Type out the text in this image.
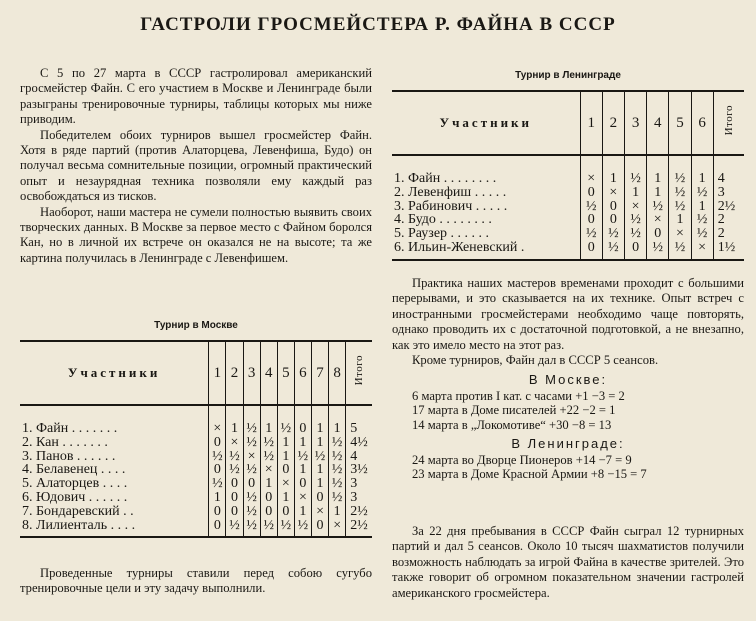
ГАСТРОЛИ ГРОСМЕЙСТЕРА Р. ФАЙНА В СССР

С 5 по 27 марта в СССР гастролировал американский гросмейстер Файн. С его участием в Москве и Ленинграде были разыграны тренировочные турниры, таблицы которых мы ниже приводим.

Победителем обоих турниров вышел гросмейстер Файн. Хотя в ряде партий (против Алаторцева, Левенфиша, Будо) он получал весьма сомнительные позиции, огромный практический опыт и незаурядная техника позволяли ему каждый раз освобождаться из тисков.

Наоборот, наши мастера не сумели полностью выявить своих творческих данных. В Москве за первое место с Файном боролся Кан, но в личной их встрече он оказался не на высоте; та же картина получилась в Ленинграде с Левенфишем.

Турнир в Москве
Участники	1	2	3	4	5	6	7	8	Итого

1. Файн . . . . . . .	×	1	½	1	½	0	1	1	5
2. Кан . . . . . . .	0	×	½	½	1	1	1	½	4½
3. Панов . . . . . .	½	½	×	½	1	½	½	½	4
4. Белавенец . . . .	0	½	½	×	0	1	1	½	3½
5. Алаторцев . . . .	½	0	0	1	×	0	1	½	3
6. Юдович . . . . . .	1	0	½	0	1	×	0	½	3
7. Бондаревский . .	0	0	½	0	0	1	×	1	2½
8. Лилиенталь . . . .	0	½	½	½	½	½	0	×	2½

Проведенные турниры ставили перед собою сугубо тренировочные цели и эту задачу выполнили.

Турнир в Ленинграде
Участники	1	2	3	4	5	6	Итого

1. Файн . . . . . . . .	×	1	½	1	½	1	4
2. Левенфиш . . . . .	0	×	1	1	½	½	3
3. Рабинович . . . . .	½	0	×	½	½	1	2½
4. Будо . . . . . . . .	0	0	½	×	1	½	2
5. Раузер . . . . . .	½	½	½	0	×	½	2
6. Ильин-Женевский .	0	½	0	½	½	×	1½

Практика наших мастеров временами проходит с большими перерывами, и это сказывается на их технике. Опыт встреч с иностранными гросмейстерами необходимо чаще повторять, однако проводить их с достаточной подготовкой, а не внезапно, как это имело место на этот раз.

Кроме турниров, Файн дал в СССР 5 сеансов.

В Москве:
6 марта против I кат. с часами +1 −3 = 2
17 марта в Доме писателей +22 −2 = 1
14 марта в „Локомотиве“ +30 −8 = 13
В Ленинграде:
24 марта во Дворце Пионеров +14 −7 = 9
23 марта в Доме Красной Армии +8 −15 = 7

За 22 дня пребывания в СССР Файн сыграл 12 турнирных партий и дал 5 сеансов. Около 10 тысяч шахматистов получили возможность наблюдать за игрой Файна в качестве зрителей. Это также говорит об огромном показательном значении гастролей американского гросмейстера.
